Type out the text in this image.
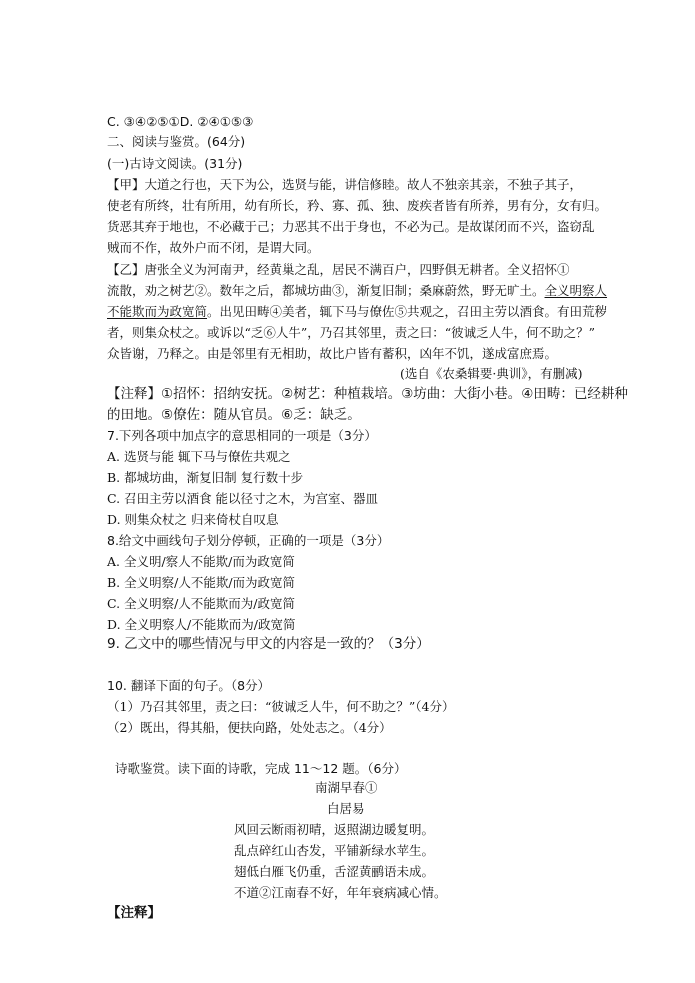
C. ③④②⑤①D. ②④①⑤③
二、阅读与鉴赏。(64分)
(一)古诗文阅读。(31分)
【甲】大道之行也，天下为公，选贤与能，讲信修睦。故人不独亲其亲，不独子其子，
使老有所终，壮有所用，幼有所长，矜、寡、孤、独、废疾者皆有所养，男有分，女有归。
货恶其弃于地也，不必藏于己；力恶其不出于身也，不必为己。是故谋闭而不兴，盗窃乱
贼而不作，故外户而不闭，是谓大同。
【乙】唐张全义为河南尹，经黄巢之乱，居民不满百户，四野俱无耕者。全义招怀①
流散，劝之树艺②。数年之后，都城坊曲③，渐复旧制；桑麻蔚然，野无旷土。全义明察人
不能欺而为政宽简。出见田畴④美者，辄下马与僚佐⑤共观之，召田主劳以酒食。有田荒秽
者，则集众杖之。或诉以“乏⑥人牛”，乃召其邻里，责之曰：“彼诚乏人牛，何不助之？”
众皆谢，乃释之。由是邻里有无相助，故比户皆有蓄积，凶年不饥，遂成富庶焉。
(选自《农桑辑要·典训》，有删减)
【注释】①招怀：招纳安抚。②树艺：种植栽培。③坊曲：大街小巷。④田畴：已经耕种
的田地。⑤僚佐：随从官员。⑥乏：缺乏。
7.下列各项中加点字的意思相同的一项是（3分）
A. 选贤与能 辄下马与僚佐共观之
B. 都城坊曲，渐复旧制 复行数十步
C. 召田主劳以酒食 能以径寸之木，为宫室、器皿
D. 则集众杖之 归来倚杖自叹息
8.给文中画线句子划分停顿，正确的一项是（3分）
A. 全义明/察人不能欺/而为政宽简
B. 全义明察/人不能欺/而为政宽简
C. 全义明察/人不能欺而为/政宽简
D. 全义明察人/不能欺而为/政宽简
9. 乙文中的哪些情况与甲文的内容是一致的？（3分）
10. 翻译下面的句子。（8分）
（1）乃召其邻里，责之曰：“彼诚乏人牛，何不助之？”（4分）
（2）既出，得其船，便扶向路，处处志之。（4分）
诗歌鉴赏。读下面的诗歌，完成 11～12 题。（6分）
南湖早春①
白居易
风回云断雨初晴，返照湖边暖复明。
乱点碎红山杏发，平铺新绿水苹生。
翅低白雁飞仍重，舌涩黄鹂语未成。
不道②江南春不好，年年衰病减心情。
【注释】
